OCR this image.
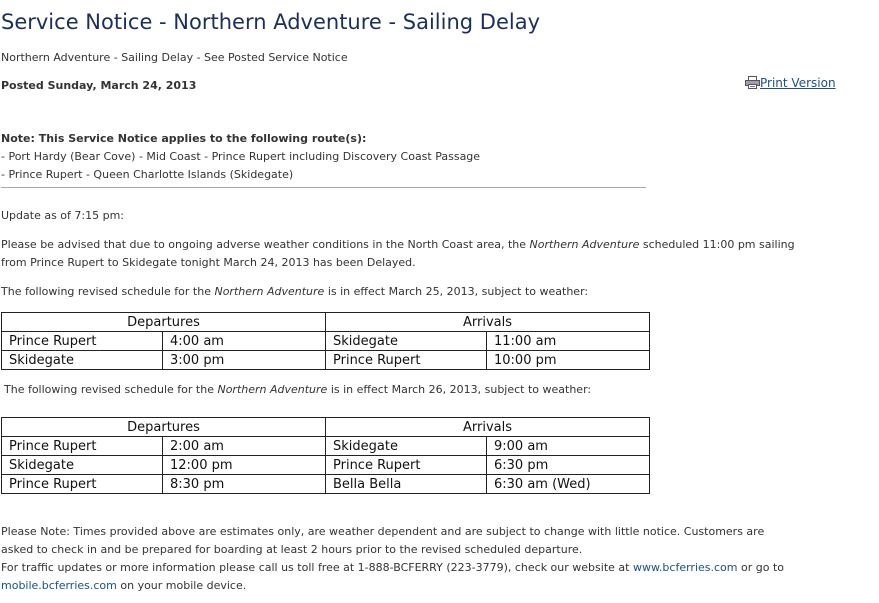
Service Notice - Northern Adventure - Sailing Delay
Northern Adventure - Sailing Delay - See Posted Service Notice
Posted Sunday, March 24, 2013	Print Version
Note: This Service Notice applies to the following route(s):
- Port Hardy (Bear Cove) - Mid Coast - Prince Rupert including Discovery Coast Passage
- Prince Rupert - Queen Charlotte Islands (Skidegate)
Update as of 7:15 pm:
Please be advised that due to ongoing adverse weather conditions in the North Coast area, the Northern Adventure scheduled 11:00 pm sailing
from Prince Rupert to Skidegate tonight March 24, 2013 has been Delayed.
The following revised schedule for the Northern Adventure is in effect March 25, 2013, subject to weather:
Departures		Arrivals	
Prince Rupert	4:00 am	Skidegate	11:00 am
Skidegate	3:00 pm	Prince Rupert	10:00 pm
The following revised schedule for the Northern Adventure is in effect March 26, 2013, subject to weather:
Departures		Arrivals	
Prince Rupert	2:00 am	Skidegate	9:00 am
Skidegate	12:00 pm	Prince Rupert	6:30 pm
Prince Rupert	8:30 pm	Bella Bella	6:30 am (Wed)
Please Note: Times provided above are estimates only, are weather dependent and are subject to change with little notice. Customers are
asked to check in and be prepared for boarding at least 2 hours prior to the revised scheduled departure.
For traffic updates or more information please call us toll free at 1-888-BCFERRY (223-3779), check our website at www.bcferries.com or go to
mobile.bcferries.com on your mobile device.
